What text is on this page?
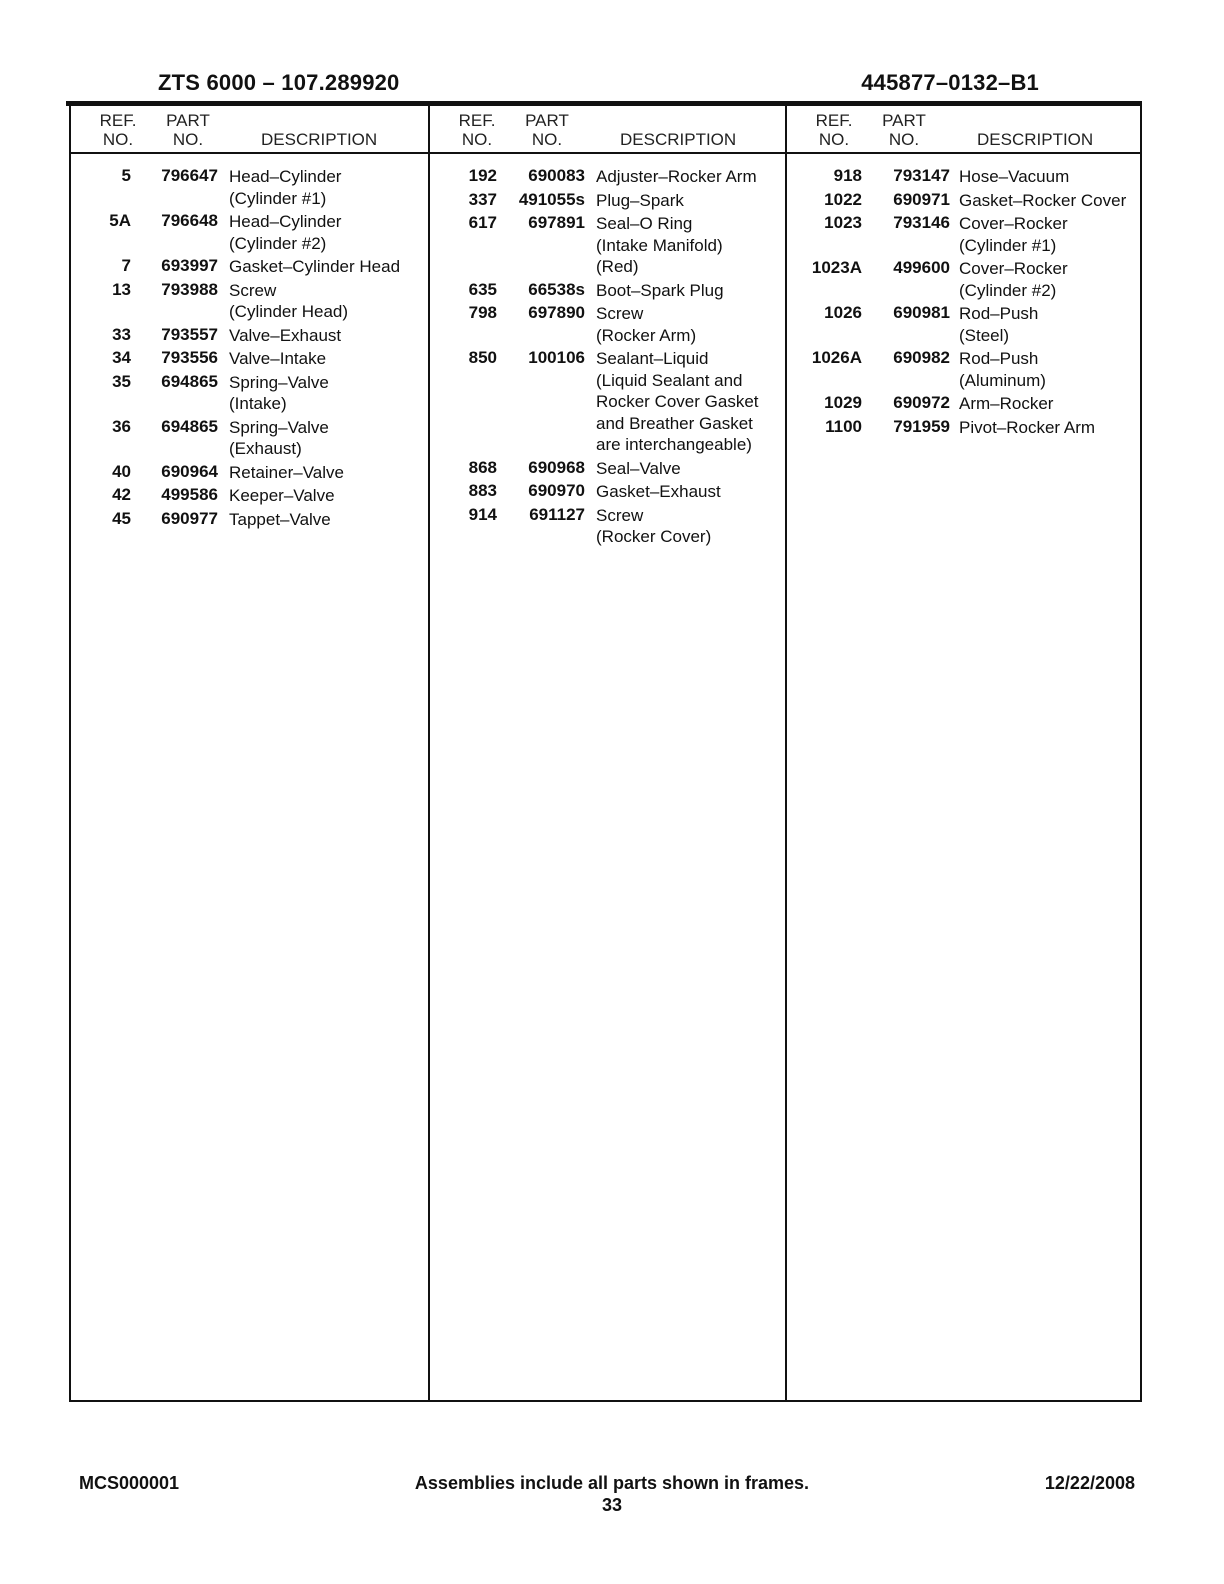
ZTS 6000 – 107.289920	445877–0132–B1
REF.
NO.
PART
NO.	DESCRIPTION
5 796647 Head–Cylinder
(Cylinder #1)
5A 796648 Head–Cylinder
(Cylinder #2)
7 693997 Gasket–Cylinder Head
13 793988 Screw
(Cylinder Head)
33 793557 Valve–Exhaust
34 793556 Valve–Intake
35 694865 Spring–Valve
(Intake)
36 694865 Spring–Valve
(Exhaust)
40 690964 Retainer–Valve
42 499586 Keeper–Valve
45 690977 Tappet–Valve
REF.
NO.
PART
NO.	DESCRIPTION
192 690083 Adjuster–Rocker Arm
337 491055s Plug–Spark
617 697891 Seal–O Ring
(Intake Manifold)
(Red)
635 66538s Boot–Spark Plug
798 697890 Screw
(Rocker Arm)
850 100106 Sealant–Liquid
(Liquid Sealant and
Rocker Cover Gasket
and Breather Gasket
are interchangeable)
868 690968 Seal–Valve
883 690970 Gasket–Exhaust
914 691127 Screw
(Rocker Cover)
REF.
NO.
PART
NO.	DESCRIPTION
918 793147 Hose–Vacuum
1022 690971 Gasket–Rocker Cover
1023 793146 Cover–Rocker
(Cylinder #1)
1023A 499600 Cover–Rocker
(Cylinder #2)
1026 690981 Rod–Push
(Steel)
1026A 690982 Rod–Push
(Aluminum)
1029 690972 Arm–Rocker
1100 791959 Pivot–Rocker Arm
MCS000001	Assemblies include all parts shown in frames.	12/22/2008
33
